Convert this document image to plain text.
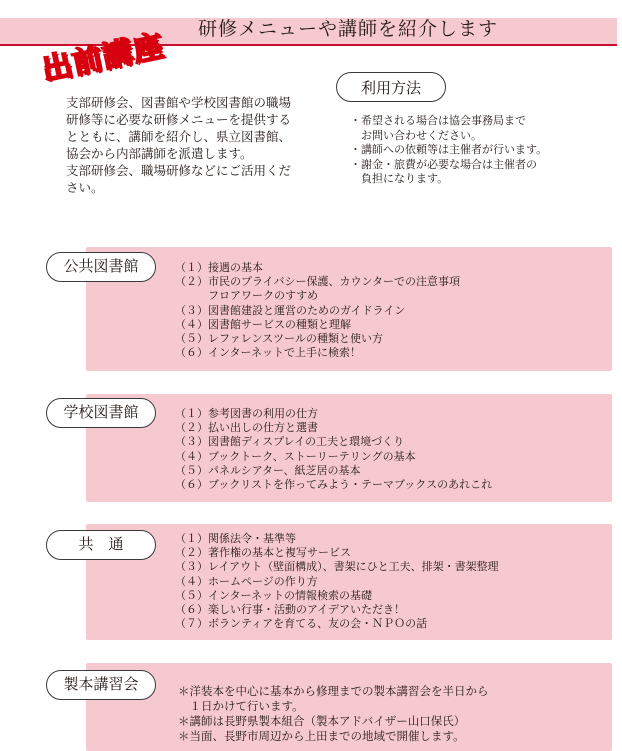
研修メニューや講師を紹介します
出前講座

支部研修会、図書館や学校図書館の職場

研修等に必要な研修メニューを提供する

とともに、講師を紹介し、県立図書館、

協会から内部講師を派遣します。

支部研修会、職場研修などにご活用くだ

さい。

利用方法
・希望される場合は協会事務局まで
　お問い合わせください。
・講師への依頼等は主催者が行います。
・謝金・旅費が必要な場合は主催者の
　負担になります。
公共図書館	（１）接遇の基本
（２）市民のプライバシー保護、カウンターでの注意事項
　　　フロアワークのすすめ
（３）図書館建設と運営のためのガイドライン
（４）図書館サービスの種類と理解
（５）レファレンスツールの種類と使い方
（６）インターネットで上手に検索！
学校図書館	（１）参考図書の利用の仕方
（２）払い出しの仕方と選書
（３）図書館ディスプレイの工夫と環境づくり
（４）ブックトーク、ストーリーテリングの基本
（５）パネルシアター、紙芝居の基本
（６）ブックリストを作ってみよう・テーマブックスのあれこれ
共　通	（１）関係法令・基準等
（２）著作権の基本と複写サービス
（３）レイアウト（壁面構成）、書架にひと工夫、排架・書架整理
（４）ホームページの作り方
（５）インターネットの情報検索の基礎
（６）楽しい行事・活動のアイデアいただき！
（７）ボランティアを育てる、友の会・ＮＰＯの話
製本講習会	＊洋装本を中心に基本から修理までの製本講習会を半日から
　１日かけて行います。
＊講師は長野県製本組合（製本アドバイザー山口保氏）
＊当面、長野市周辺から上田までの地域で開催します。
